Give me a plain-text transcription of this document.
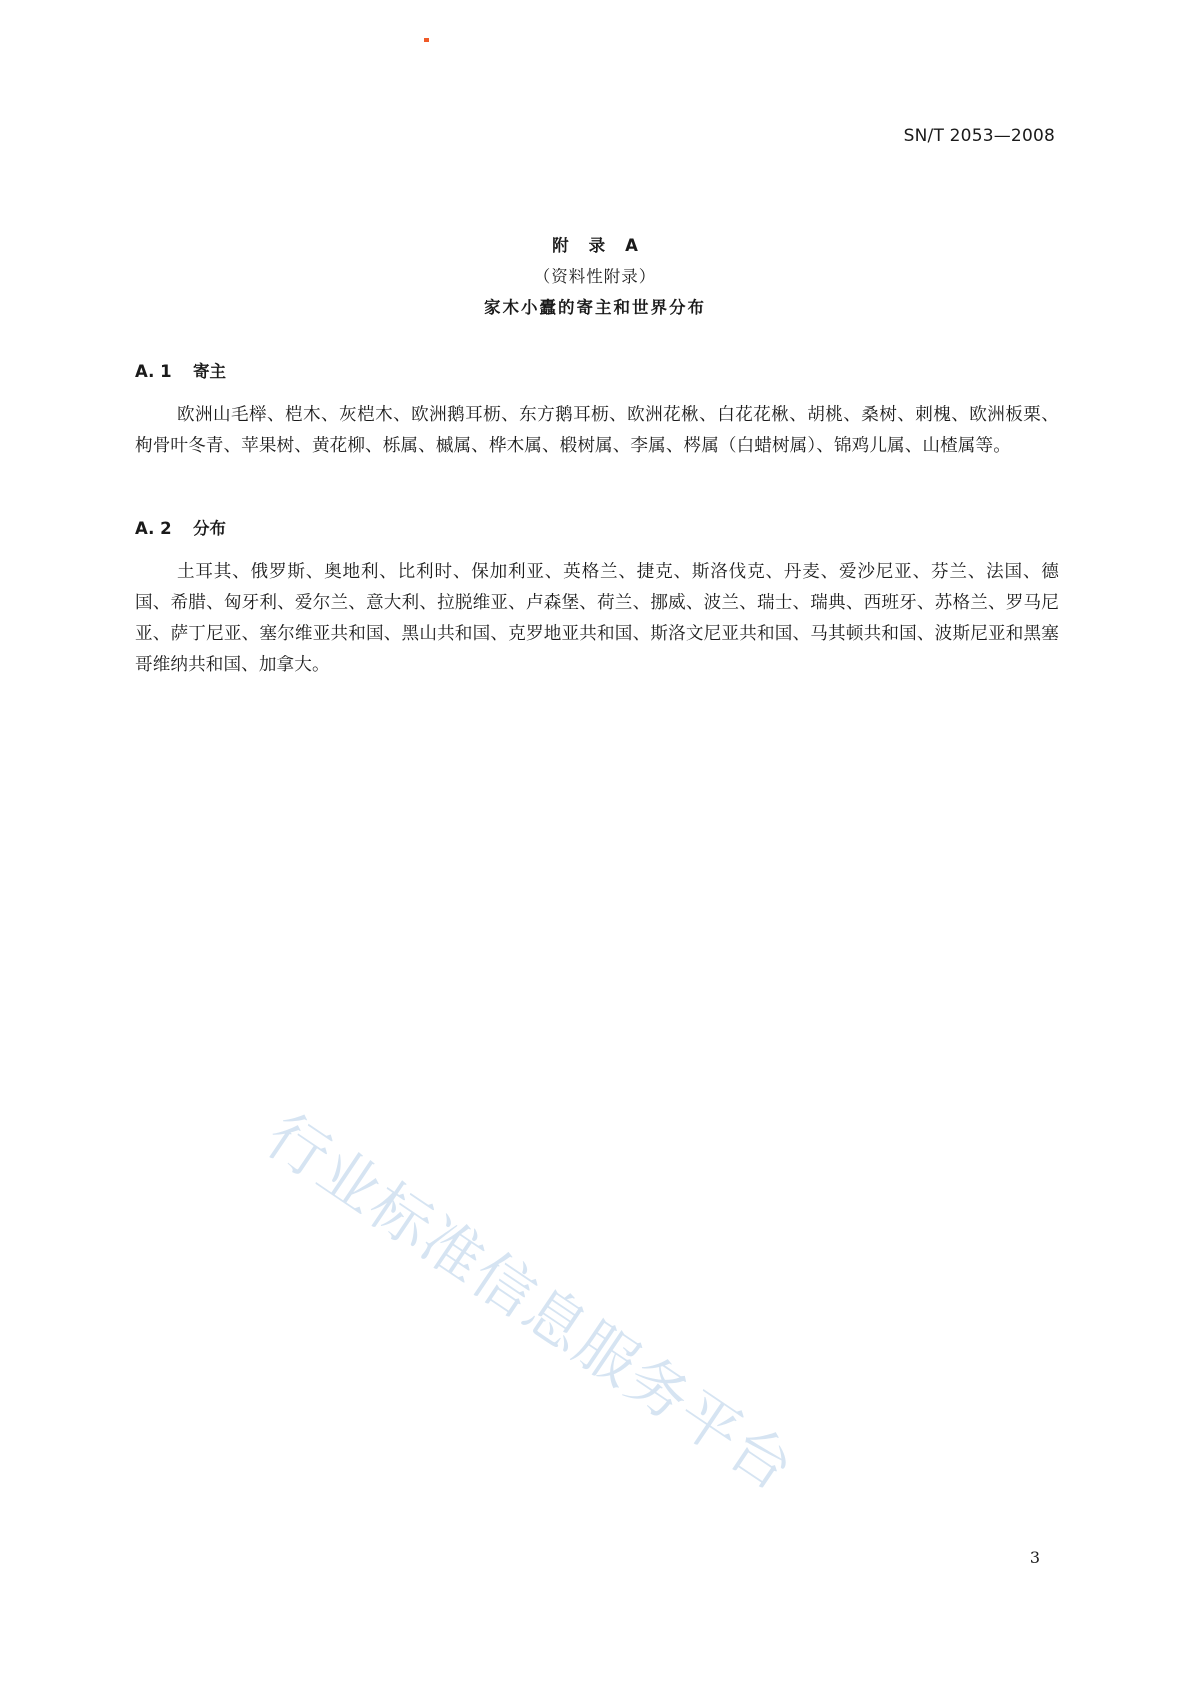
SN/T 2053—2008
附录A
（资料性附录）
家木小蠹的寄主和世界分布
A. 1 寄主
欧洲山毛榉、桤木、灰桤木、欧洲鹅耳枥、东方鹅耳枥、欧洲花楸、白花花楸、胡桃、桑树、刺槐、欧洲板栗、枸骨叶冬青、苹果树、黄花柳、栎属、槭属、桦木属、椴树属、李属、梣属（白蜡树属）、锦鸡儿属、山楂属等。
A. 2 分布
土耳其、俄罗斯、奥地利、比利时、保加利亚、英格兰、捷克、斯洛伐克、丹麦、爱沙尼亚、芬兰、法国、德国、希腊、匈牙利、爱尔兰、意大利、拉脱维亚、卢森堡、荷兰、挪威、波兰、瑞士、瑞典、西班牙、苏格兰、罗马尼亚、萨丁尼亚、塞尔维亚共和国、黑山共和国、克罗地亚共和国、斯洛文尼亚共和国、马其顿共和国、波斯尼亚和黑塞哥维纳共和国、加拿大。
行业标准信息服务平台
3
